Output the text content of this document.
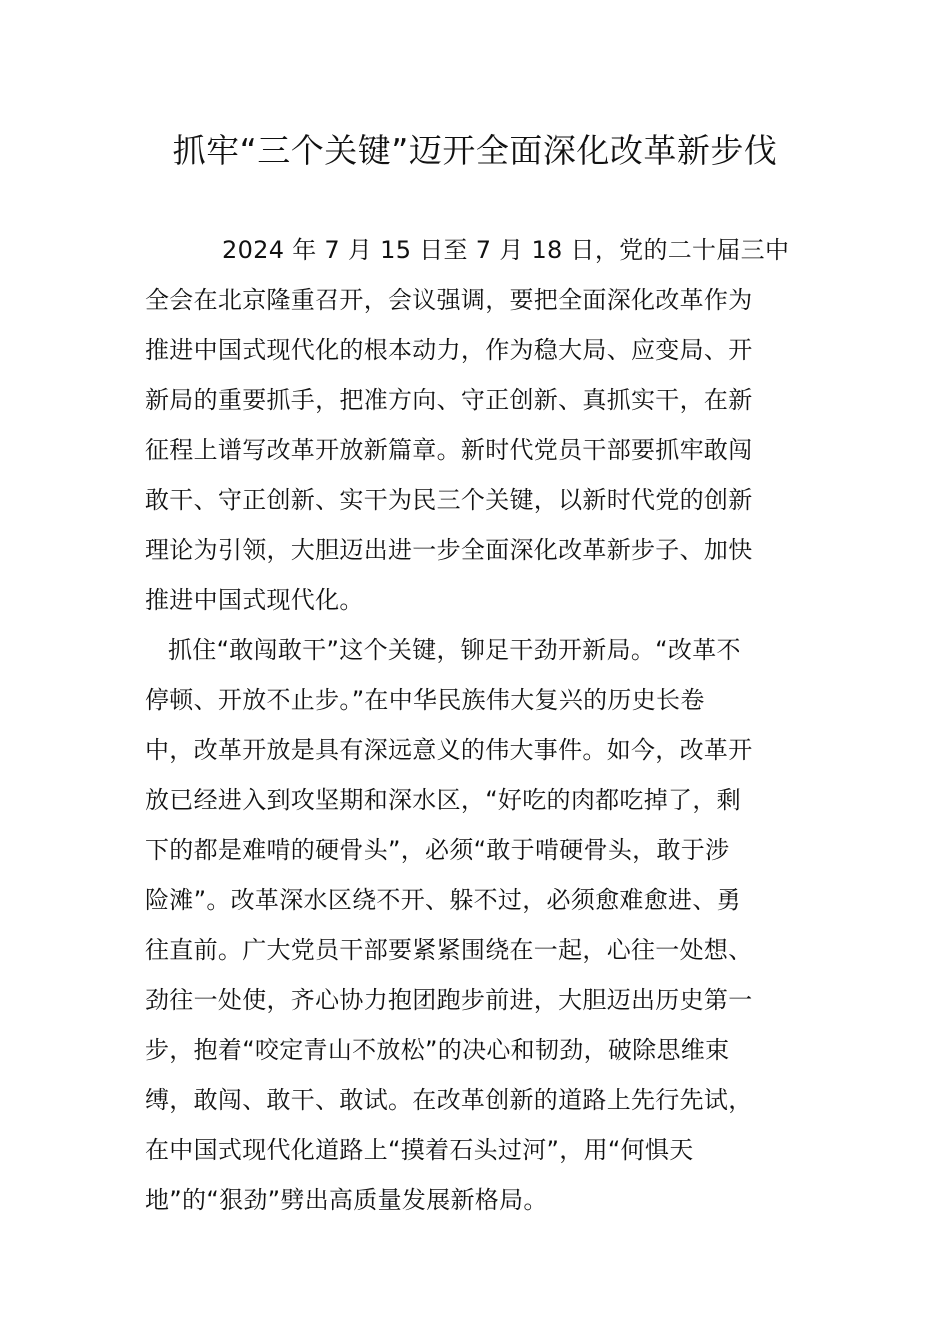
抓牢“三个关键”迈开全面深化改革新步伐
2024 年 7 月 15 日至 7 月 18 日，党的二十届三中
全会在北京隆重召开，会议强调，要把全面深化改革作为
推进中国式现代化的根本动力，作为稳大局、应变局、开
新局的重要抓手，把准方向、守正创新、真抓实干，在新
征程上谱写改革开放新篇章。新时代党员干部要抓牢敢闯
敢干、守正创新、实干为民三个关键，以新时代党的创新
理论为引领，大胆迈出进一步全面深化改革新步子、加快
推进中国式现代化。
抓住“敢闯敢干”这个关键，铆足干劲开新局。“改革不
停顿、开放不止步。”在中华民族伟大复兴的历史长卷
中，改革开放是具有深远意义的伟大事件。如今，改革开
放已经进入到攻坚期和深水区，“好吃的肉都吃掉了，剩
下的都是难啃的硬骨头”，必须“敢于啃硬骨头，敢于涉
险滩”。改革深水区绕不开、躲不过，必须愈难愈进、勇
往直前。广大党员干部要紧紧围绕在一起，心往一处想、
劲往一处使，齐心协力抱团跑步前进，大胆迈出历史第一
步，抱着“咬定青山不放松”的决心和韧劲，破除思维束
缚，敢闯、敢干、敢试。在改革创新的道路上先行先试，
在中国式现代化道路上“摸着石头过河”，用“何惧天
地”的“狠劲”劈出高质量发展新格局。
